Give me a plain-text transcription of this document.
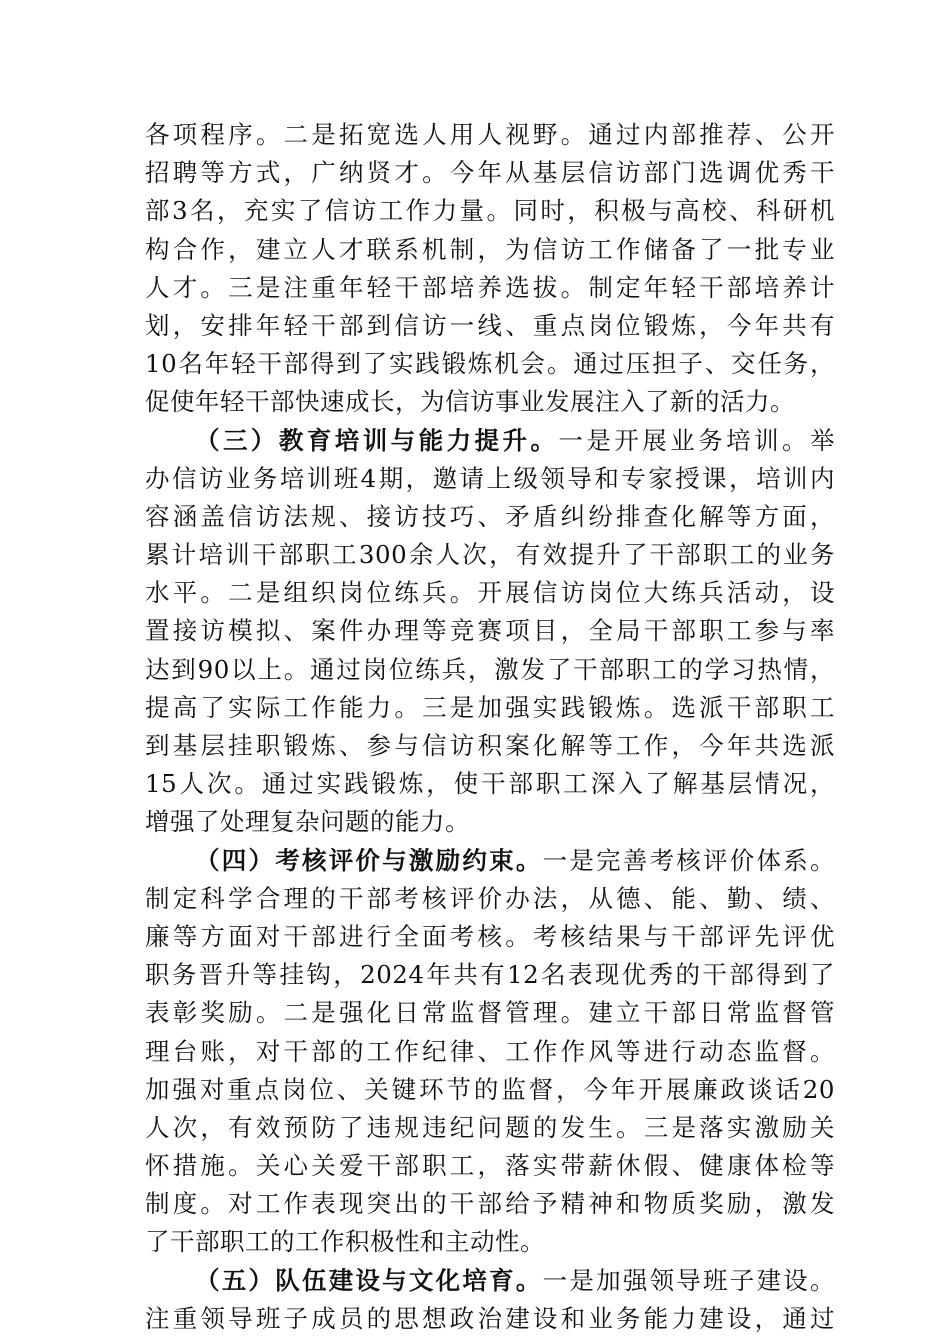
各项程序。二是拓宽选人用人视野。通过内部推荐、公开
招聘等方式，广纳贤才。今年从基层信访部门选调优秀干
部3名，充实了信访工作力量。同时，积极与高校、科研机
构合作，建立人才联系机制，为信访工作储备了一批专业
人才。三是注重年轻干部培养选拔。制定年轻干部培养计
划，安排年轻干部到信访一线、重点岗位锻炼，今年共有
10名年轻干部得到了实践锻炼机会。通过压担子、交任务，
促使年轻干部快速成长，为信访事业发展注入了新的活力。
（三）教育培训与能力提升。一是开展业务培训。举
办信访业务培训班4期，邀请上级领导和专家授课，培训内
容涵盖信访法规、接访技巧、矛盾纠纷排查化解等方面，
累计培训干部职工300余人次，有效提升了干部职工的业务
水平。二是组织岗位练兵。开展信访岗位大练兵活动，设
置接访模拟、案件办理等竞赛项目，全局干部职工参与率
达到90以上。通过岗位练兵，激发了干部职工的学习热情，
提高了实际工作能力。三是加强实践锻炼。选派干部职工
到基层挂职锻炼、参与信访积案化解等工作，今年共选派
15人次。通过实践锻炼，使干部职工深入了解基层情况，
增强了处理复杂问题的能力。
（四）考核评价与激励约束。一是完善考核评价体系。
制定科学合理的干部考核评价办法，从德、能、勤、绩、
廉等方面对干部进行全面考核。考核结果与干部评先评优
职务晋升等挂钩，2024年共有12名表现优秀的干部得到了
表彰奖励。二是强化日常监督管理。建立干部日常监督管
理台账，对干部的工作纪律、工作作风等进行动态监督。
加强对重点岗位、关键环节的监督，今年开展廉政谈话20
人次，有效预防了违规违纪问题的发生。三是落实激励关
怀措施。关心关爱干部职工，落实带薪休假、健康体检等
制度。对工作表现突出的干部给予精神和物质奖励，激发
了干部职工的工作积极性和主动性。
（五）队伍建设与文化培育。一是加强领导班子建设。
注重领导班子成员的思想政治建设和业务能力建设，通过
